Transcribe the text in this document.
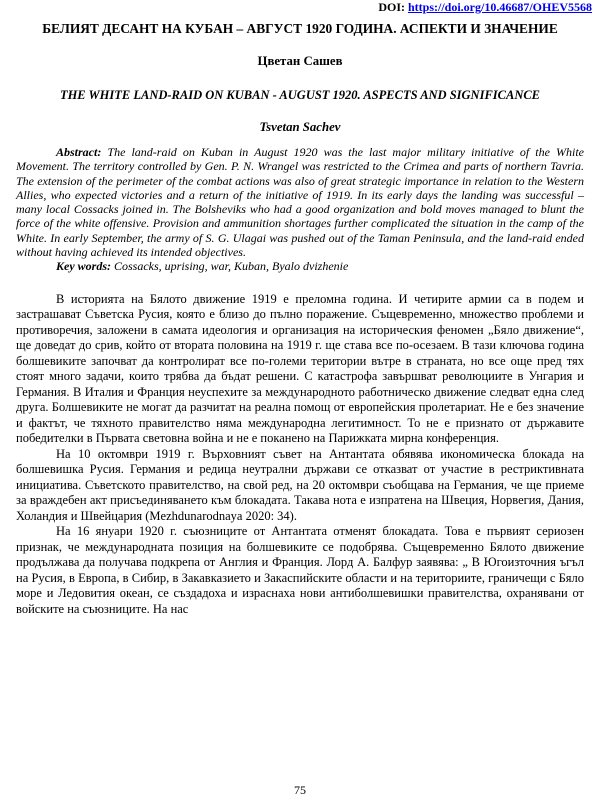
DOI: https://doi.org/10.46687/OHEV5568
БЕЛИЯТ ДЕСАНТ НА КУБАН – АВГУСТ 1920 ГОДИНА. АСПЕКТИ И ЗНАЧЕНИЕ
Цветан Сашев
THE WHITE LAND-RAID ON KUBAN - AUGUST 1920. ASPECTS AND SIGNIFICANCE
Tsvetan Sachev
Abstract: The land-raid on Kuban in August 1920 was the last major military initiative of the White Movement. The territory controlled by Gen. P. N. Wrangel was restricted to the Crimea and parts of northern Tavria. The extension of the perimeter of the combat actions was also of great strategic importance in relation to the Western Allies, who expected victories and a return of the initiative of 1919. In its early days the landing was successful – many local Cossacks joined in. The Bolsheviks who had a good organization and bold moves managed to blunt the force of the white offensive. Provision and ammunition shortages further complicated the situation in the camp of the White. In early September, the army of S. G. Ulagai was pushed out of the Taman Peninsula, and the land-raid ended without having achieved its intended objectives.
Key words: Cossacks, uprising, war, Kuban, Byalo dvizhenie

В историята на Бялото движение 1919 е преломна година. И четирите армии са в подем и застрашават Съветска Русия, която е близо до пълно поражение. Същевременно, множество проблеми и противоречия, заложени в самата идеология и организация на историческия феномен „Бяло движение“, ще доведат до срив, който от втората половина на 1919 г. ще става все по-осезаем. В тази ключова година болшевиките започват да контролират все по-големи територии вътре в страната, но все още пред тях стоят много задачи, които трябва да бъдат решени. С катастрофа завършват революциите в Унгария и Германия. В Италия и Франция неуспехите за международното работническо движение следват една след друга. Болшевиките не могат да разчитат на реална помощ от европейския пролетариат. Не е без значение и фактът, че тяхното правителство няма международна легитимност. То не е признато от държавите победителки в Първата световна война и не е поканено на Парижката мирна конференция.

На 10 октомври 1919 г. Върховният съвет на Антантата обявява икономическа блокада на болшевишка Русия. Германия и редица неутрални държави се отказват от участие в рестриктивната инициатива. Съветското правителство, на свой ред, на 20 октомври съобщава на Германия, че ще приеме за враждебен акт присъединяването към блокадата. Такава нота е изпратена на Швеция, Норвегия, Дания, Холандия и Швейцария (Mezhdunarodnaya 2020: 34).

На 16 януари 1920 г. съюзниците от Антантата отменят блокадата. Това е първият сериозен признак, че международната позиция на болшевиките се подобрява. Същевременно Бялото движение продължава да получава подкрепа от Англия и Франция. Лорд А. Балфур заявява: „ В Югоизточния ъгъл на Русия, в Европа, в Сибир, в Закавказието и Закаспийските области и на териториите, граничещи с Бяло море и Ледовития океан, се създадоха и израснаха нови антиболшевишки правителства, охранявани от войските на съюзниците. На нас

75
